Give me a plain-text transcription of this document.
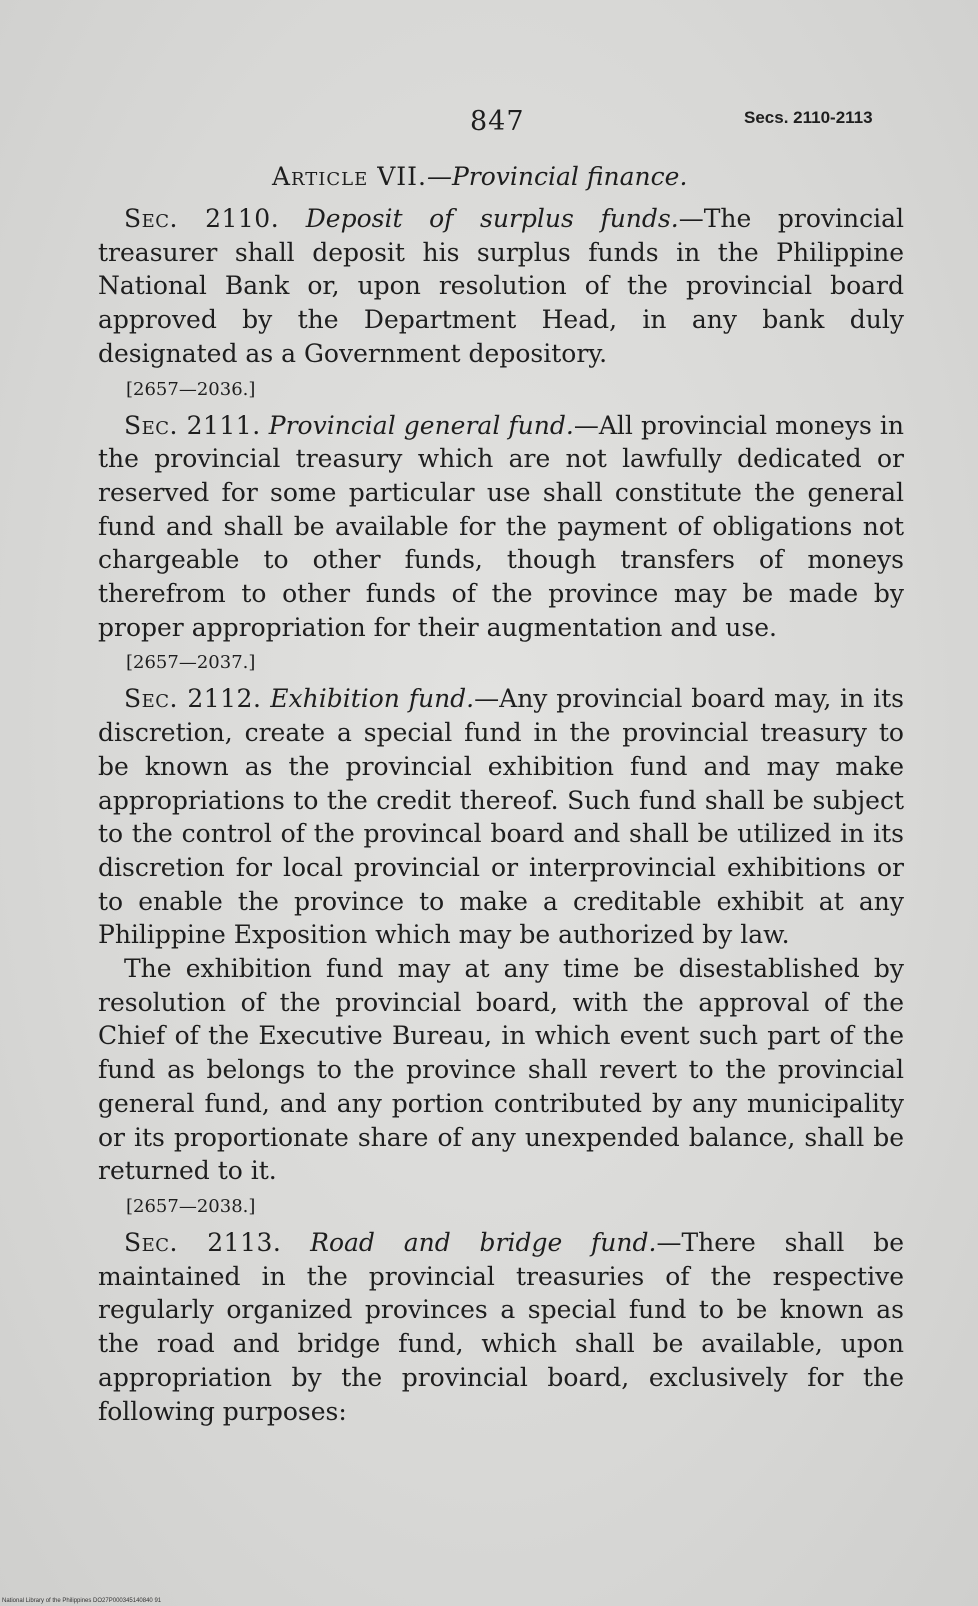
847	Secs. 2110-2113
Article VII.—Provincial finance.

Sec. 2110. Deposit of surplus funds.—The provincial treasurer shall deposit his surplus funds in the Philippine National Bank or, upon resolution of the provincial board approved by the Department Head, in any bank duly designated as a Government depository.

[2657—2036.]

Sec. 2111. Provincial general fund.—All provincial moneys in the provincial treasury which are not lawfully dedicated or reserved for some particular use shall constitute the general fund and shall be available for the payment of obligations not chargeable to other funds, though transfers of moneys therefrom to other funds of the province may be made by proper appropriation for their augmentation and use.

[2657—2037.]

Sec. 2112. Exhibition fund.—Any provincial board may, in its discretion, create a special fund in the provincial treasury to be known as the provincial exhibition fund and may make appropriations to the credit thereof. Such fund shall be subject to the control of the provincal board and shall be utilized in its discretion for local provincial or interprovincial exhibitions or to enable the province to make a creditable exhibit at any Philippine Exposition which may be authorized by law.

The exhibition fund may at any time be disestablished by resolution of the provincial board, with the approval of the Chief of the Executive Bureau, in which event such part of the fund as belongs to the province shall revert to the provincial general fund, and any portion contributed by any municipality or its proportionate share of any unexpended balance, shall be returned to it.

[2657—2038.]

Sec. 2113. Road and bridge fund.—There shall be maintained in the provincial treasuries of the respective regularly organized provinces a special fund to be known as the road and bridge fund, which shall be available, upon appropriation by the provincial board, exclusively for the following purposes:

National Library of the Philippines DO27P000345140840 91
